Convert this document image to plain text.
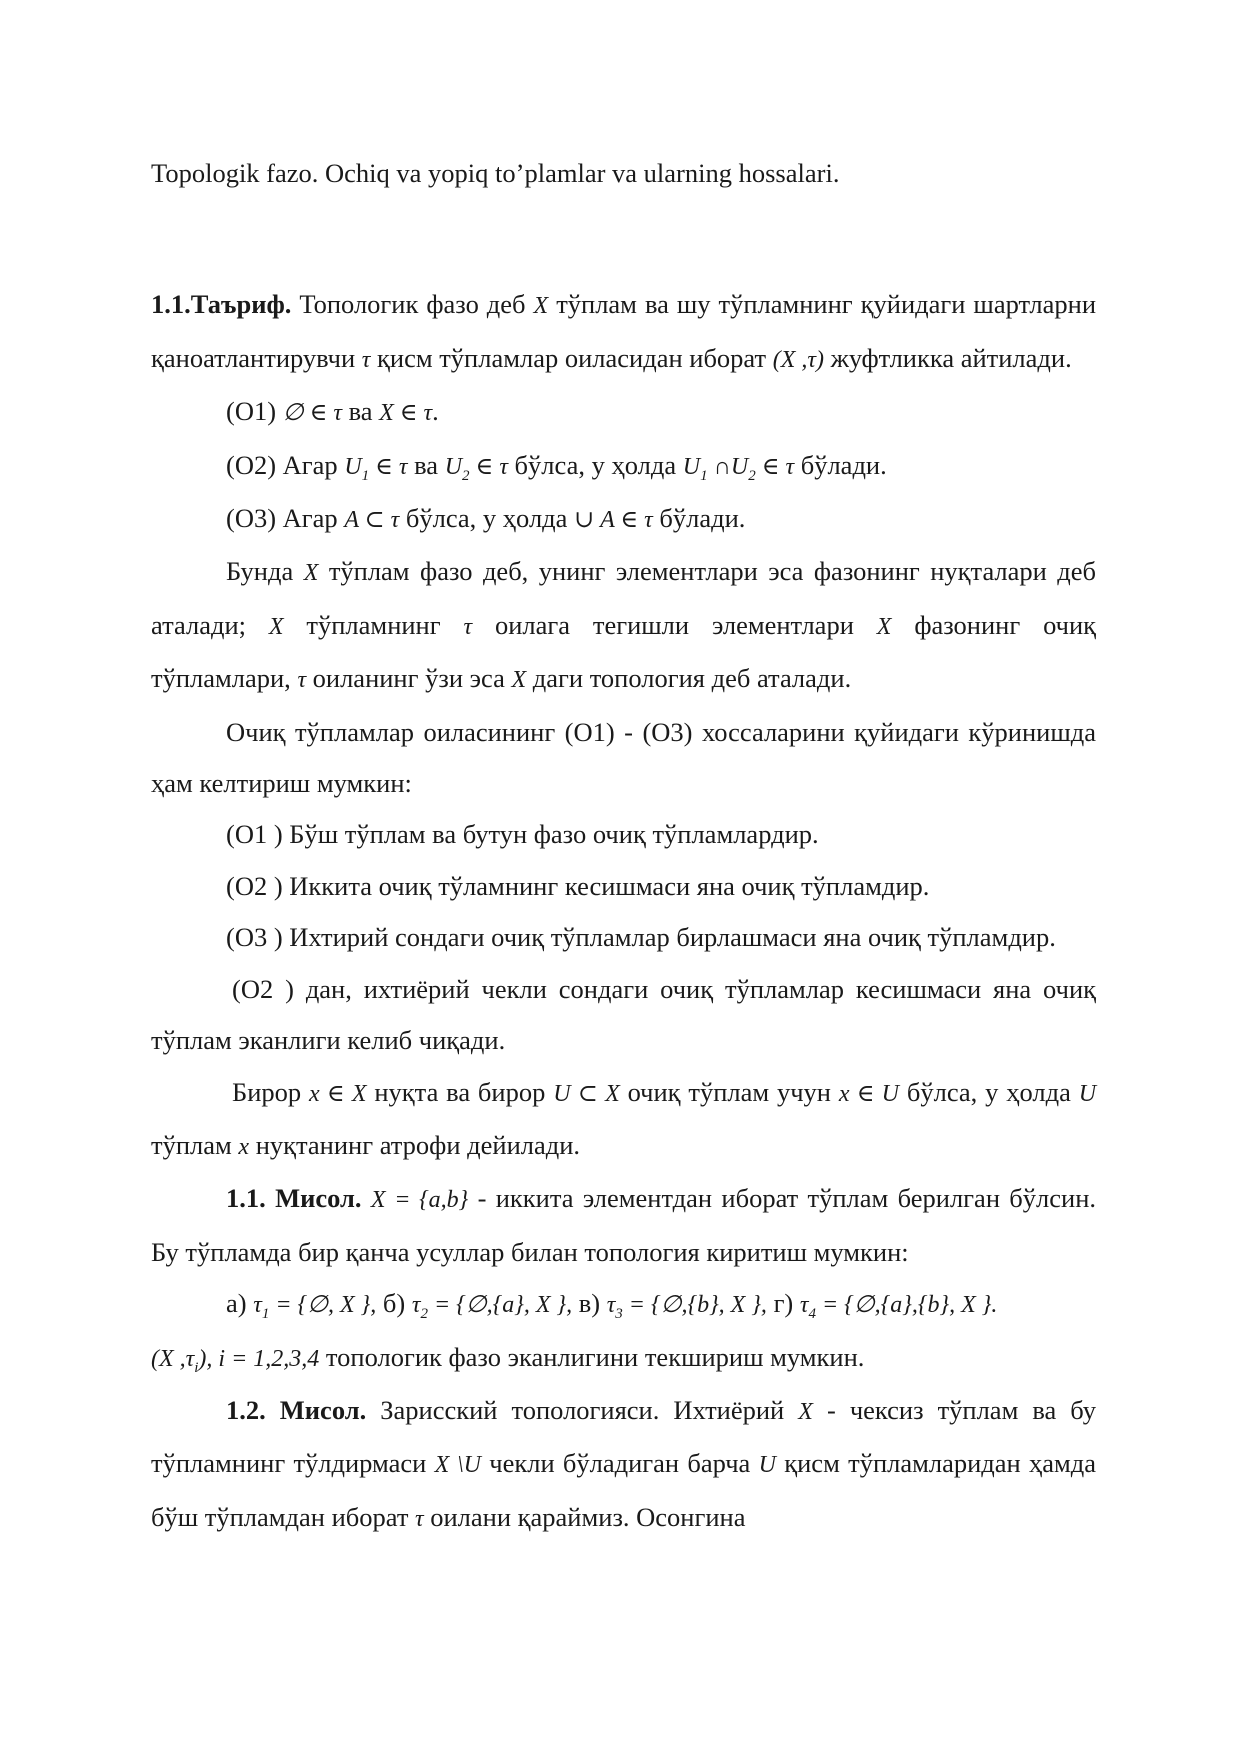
Topologik fazo. Ochiq va yopiq to’plamlar va ularning hossalari.

1.1.Таъриф. Топологик фазо деб X тўплам ва шу тўпламнинг қуйидаги шартларни қаноатлантирувчи τ қисм тўпламлар оиласидан иборат (X ,τ) жуфтликка айтилади.

(O1) ∅ ∈ τ ва X ∈ τ.

(O2) Агар $U_1$ ∈ τ ва $U_2$ ∈ τ бўлса, у ҳолда $U_1$ $\cap U_2$ ∈ τ бўлади.

(O3) Агар A ⊂ τ бўлса, у ҳолда ∪ A ∈ τ бўлади.

Бунда X тўплам фазо деб, унинг элементлари эса фазонинг нуқталари деб аталади; X тўпламнинг τ оилага тегишли элементлари X фазонинг очиқ тўпламлари, τ оиланинг ўзи эса X даги топология деб аталади.

Очиқ тўпламлар оиласининг (O1) - (O3) хоссаларини қуйидаги кўринишда ҳам келтириш мумкин:

(O1 ) Бўш тўплам ва бутун фазо очиқ тўпламлардир.

(O2 ) Иккита очиқ тўламнинг кесишмаси яна очиқ тўпламдир.

(O3 ) Ихтирий сондаги очиқ тўпламлар бирлашмаси яна очиқ тўпламдир.

(O2 ) дан, ихтиёрий чекли сондаги очиқ тўпламлар кесишмаси яна очиқ тўплам эканлиги келиб чиқади.

Бирор x ∈ X нуқта ва бирор U ⊂ X очиқ тўплам учун x ∈ U бўлса, у ҳолда U тўплам x нуқтанинг атрофи дейилади.

1.1. Мисол. X = {a,b} - иккита элементдан иборат тўплам берилган бўлсин. Бу тўпламда бир қанча усуллар билан топология киритиш мумкин:

а) $\tau_1$ = {∅, X }, б) $\tau_2$ = {∅,{a}, X }, в) $\tau_3$ = {∅,{b}, X }, г) $\tau_4$ = {∅,{a},{b}, X }.

(X $,\tau_i$), i = 1,2,3,4 топологик фазо эканлигини текшириш мумкин.

1.2. Мисол. Зарисский топологияси. Ихтиёрий X - чексиз тўплам ва бу тўпламнинг тўлдирмаси X \U чекли бўладиган барча U қисм тўпламларидан ҳамда бўш тўпламдан иборат τ оилани қараймиз. Осонгина
